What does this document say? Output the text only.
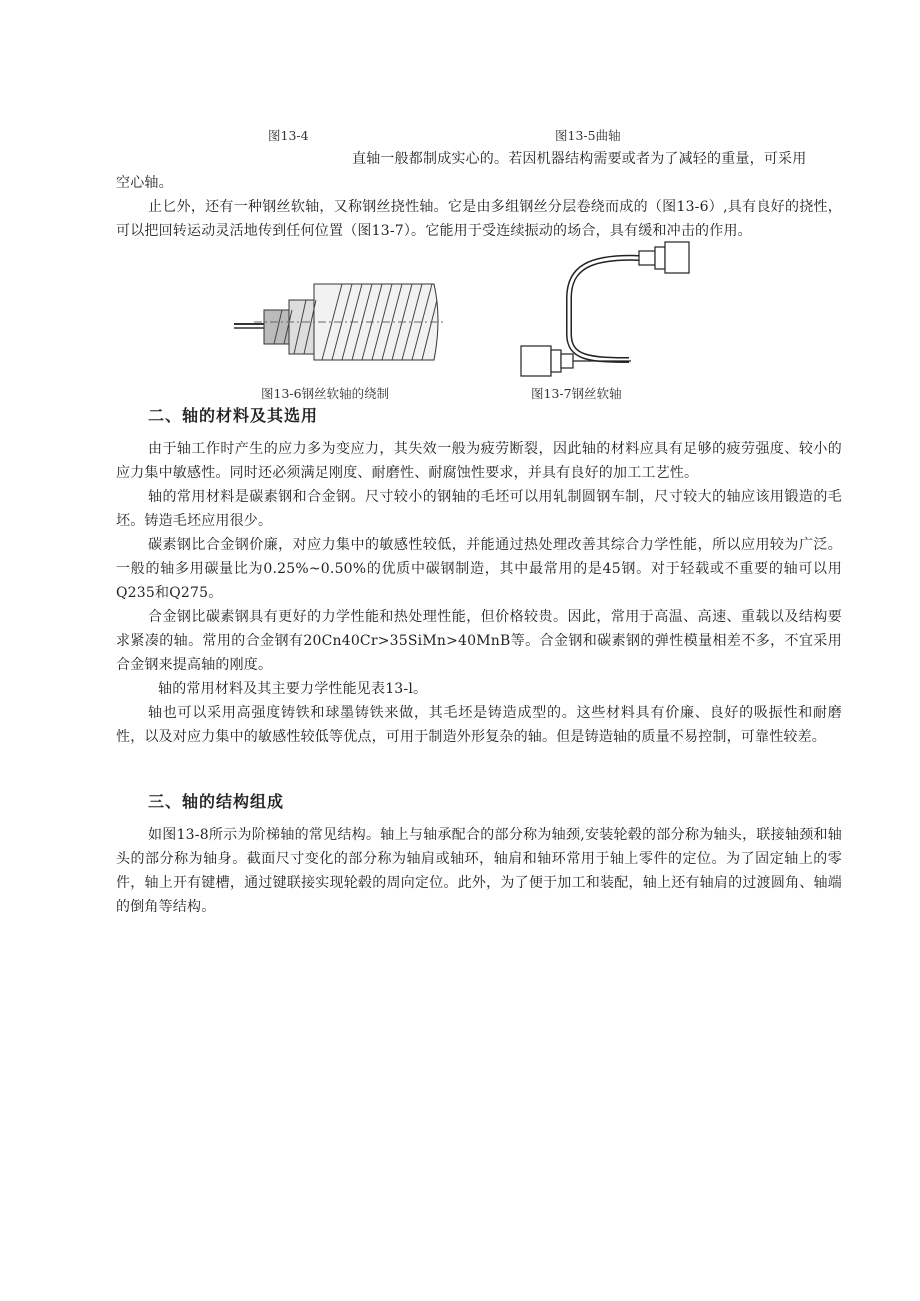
图13-4	图13-5曲轴
直轴一般都制成实心的。若因机器结构需要或者为了减轻的重量，可采用
空心轴。

止匕外，还有一种钢丝软轴，又称钢丝挠性轴。它是由多组钢丝分层卷绕而成的（图13-6）,具有良好的挠性，可以把回转运动灵活地传到任何位置（图13-7）。它能用于受连续振动的场合，具有缓和冲击的作用。

图13-6钢丝软轴的绕制	图13-7钢丝软轴
二、轴的材料及其选用

由于轴工作时产生的应力多为变应力，其失效一般为疲劳断裂，因此轴的材料应具有足够的疲劳强度、较小的应力集中敏感性。同时还必须满足刚度、耐磨性、耐腐蚀性要求，并具有良好的加工工艺性。

轴的常用材料是碳素钢和合金钢。尺寸较小的钢轴的毛坯可以用轧制圆钢车制，尺寸较大的轴应该用锻造的毛坯。铸造毛坯应用很少。

碳素钢比合金钢价廉，对应力集中的敏感性较低，并能通过热处理改善其综合力学性能，所以应用较为广泛。一般的轴多用碳量比为0.25%~0.50%的优质中碳钢制造，其中最常用的是45钢。对于轻载或不重要的轴可以用Q235和Q275。

合金钢比碳素钢具有更好的力学性能和热处理性能，但价格较贵。因此，常用于高温、高速、重载以及结构要求紧凑的轴。常用的合金钢有20Cn40Cr>35SiMn>40MnB等。合金钢和碳素钢的弹性模量相差不多，不宜采用合金钢来提高轴的刚度。

轴的常用材料及其主要力学性能见表13-l。

轴也可以采用高强度铸铁和球墨铸铁来做，其毛坯是铸造成型的。这些材料具有价廉、良好的吸振性和耐磨性，以及对应力集中的敏感性较低等优点，可用于制造外形复杂的轴。但是铸造轴的质量不易控制，可靠性较差。

三、轴的结构组成

如图13-8所示为阶梯轴的常见结构。轴上与轴承配合的部分称为轴颈,安装轮毂的部分称为轴头，联接轴颈和轴头的部分称为轴身。截面尺寸变化的部分称为轴肩或轴环，轴肩和轴环常用于轴上零件的定位。为了固定轴上的零件，轴上开有键槽，通过键联接实现轮毂的周向定位。此外，为了便于加工和装配，轴上还有轴肩的过渡圆角、轴端的倒角等结构。
